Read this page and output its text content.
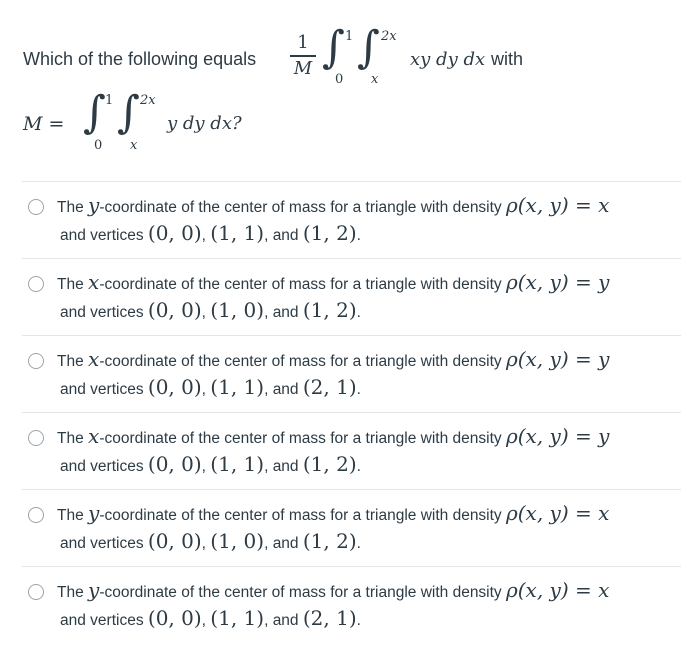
Which of the following equals
1
M ∫ 1
0
∫ 2x
x
xy dy dx with
M = ∫ 1
0
∫ 2x
x
y dy dx?
The y-coordinate of the center of mass for a triangle with density ρ(x, y) = x
and vertices (0, 0), (1, 1), and (1, 2).
The x-coordinate of the center of mass for a triangle with density ρ(x, y) = y
and vertices (0, 0), (1, 0), and (1, 2).
The x-coordinate of the center of mass for a triangle with density ρ(x, y) = y
and vertices (0, 0), (1, 1), and (2, 1).
The x-coordinate of the center of mass for a triangle with density ρ(x, y) = y
and vertices (0, 0), (1, 1), and (1, 2).
The y-coordinate of the center of mass for a triangle with density ρ(x, y) = x
and vertices (0, 0), (1, 0), and (1, 2).
The y-coordinate of the center of mass for a triangle with density ρ(x, y) = x
and vertices (0, 0), (1, 1), and (2, 1).
